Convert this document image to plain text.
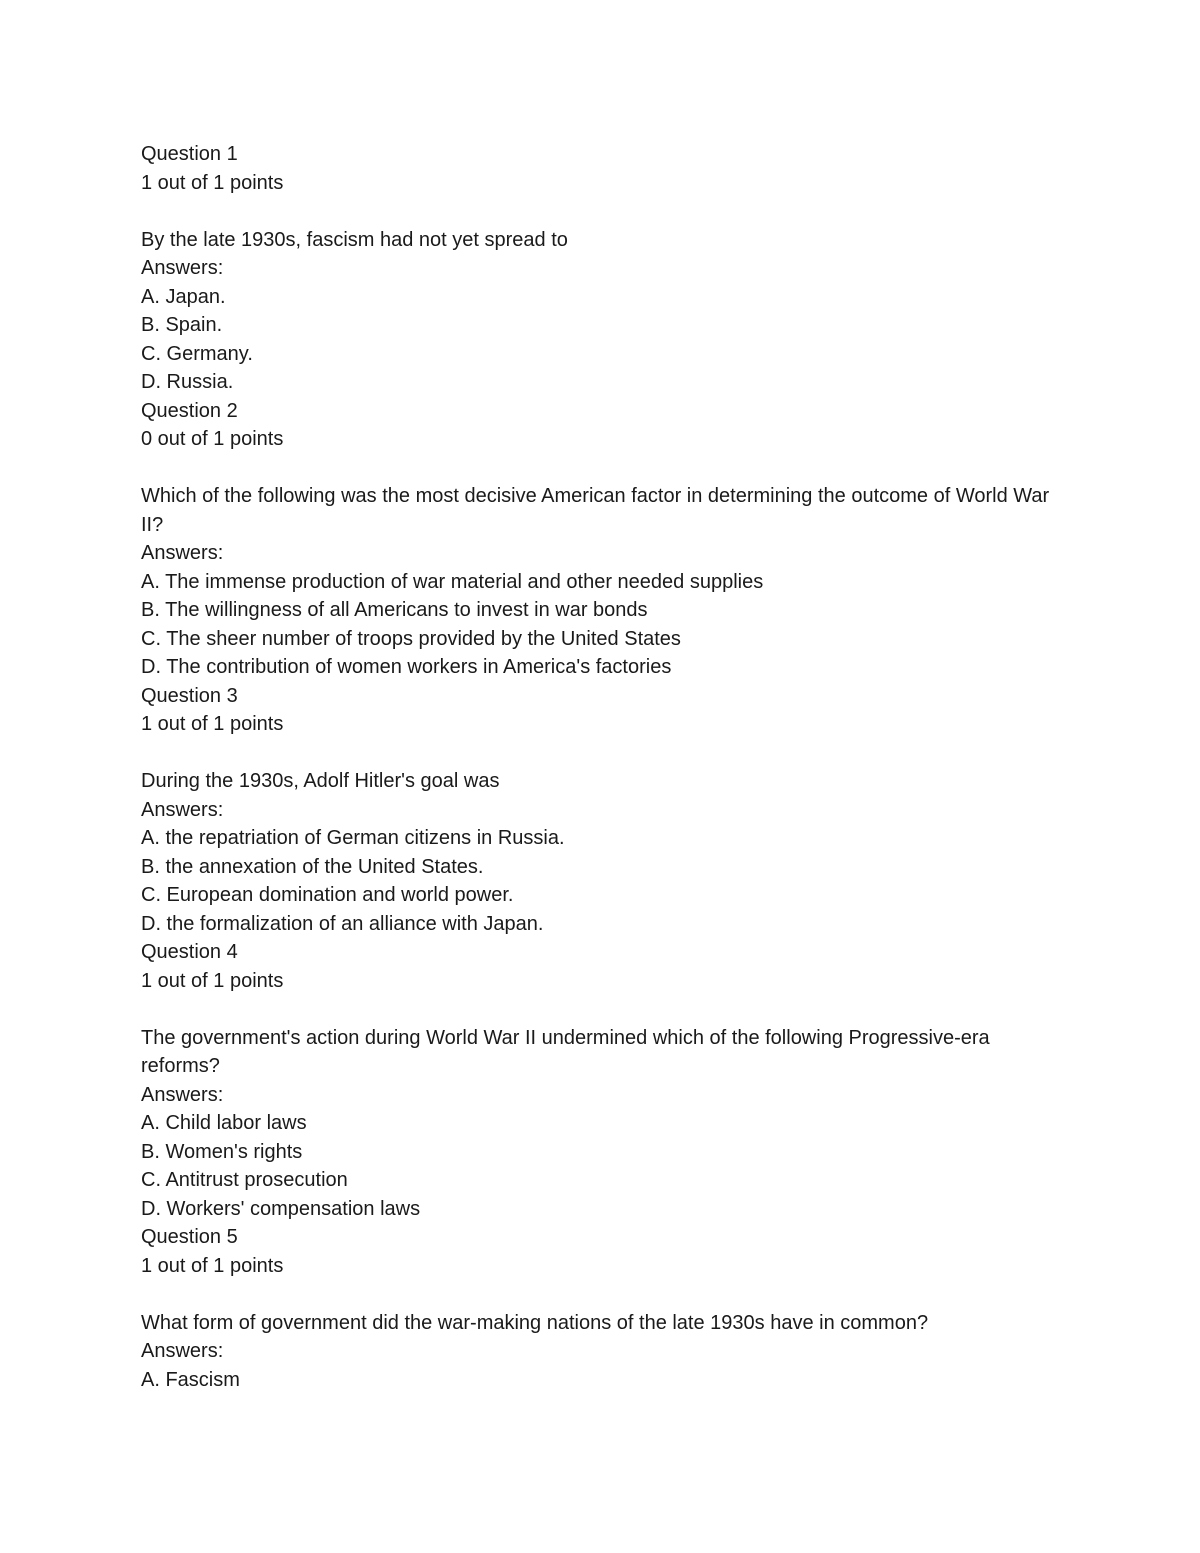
Question 1
1 out of 1 points
By the late 1930s, fascism had not yet spread to
Answers:
A. Japan.
B. Spain.
C. Germany.
D. Russia.
Question 2
0 out of 1 points
Which of the following was the most decisive American factor in determining the outcome of World War II?
Answers:
A. The immense production of war material and other needed supplies
B. The willingness of all Americans to invest in war bonds
C. The sheer number of troops provided by the United States
D. The contribution of women workers in America's factories
Question 3
1 out of 1 points
During the 1930s, Adolf Hitler's goal was
Answers:
A. the repatriation of German citizens in Russia.
B. the annexation of the United States.
C. European domination and world power.
D. the formalization of an alliance with Japan.
Question 4
1 out of 1 points
The government's action during World War II undermined which of the following Progressive-era reforms?
Answers:
A. Child labor laws
B. Women's rights
C. Antitrust prosecution
D. Workers' compensation laws
Question 5
1 out of 1 points
What form of government did the war-making nations of the late 1930s have in common?
Answers:
A. Fascism
